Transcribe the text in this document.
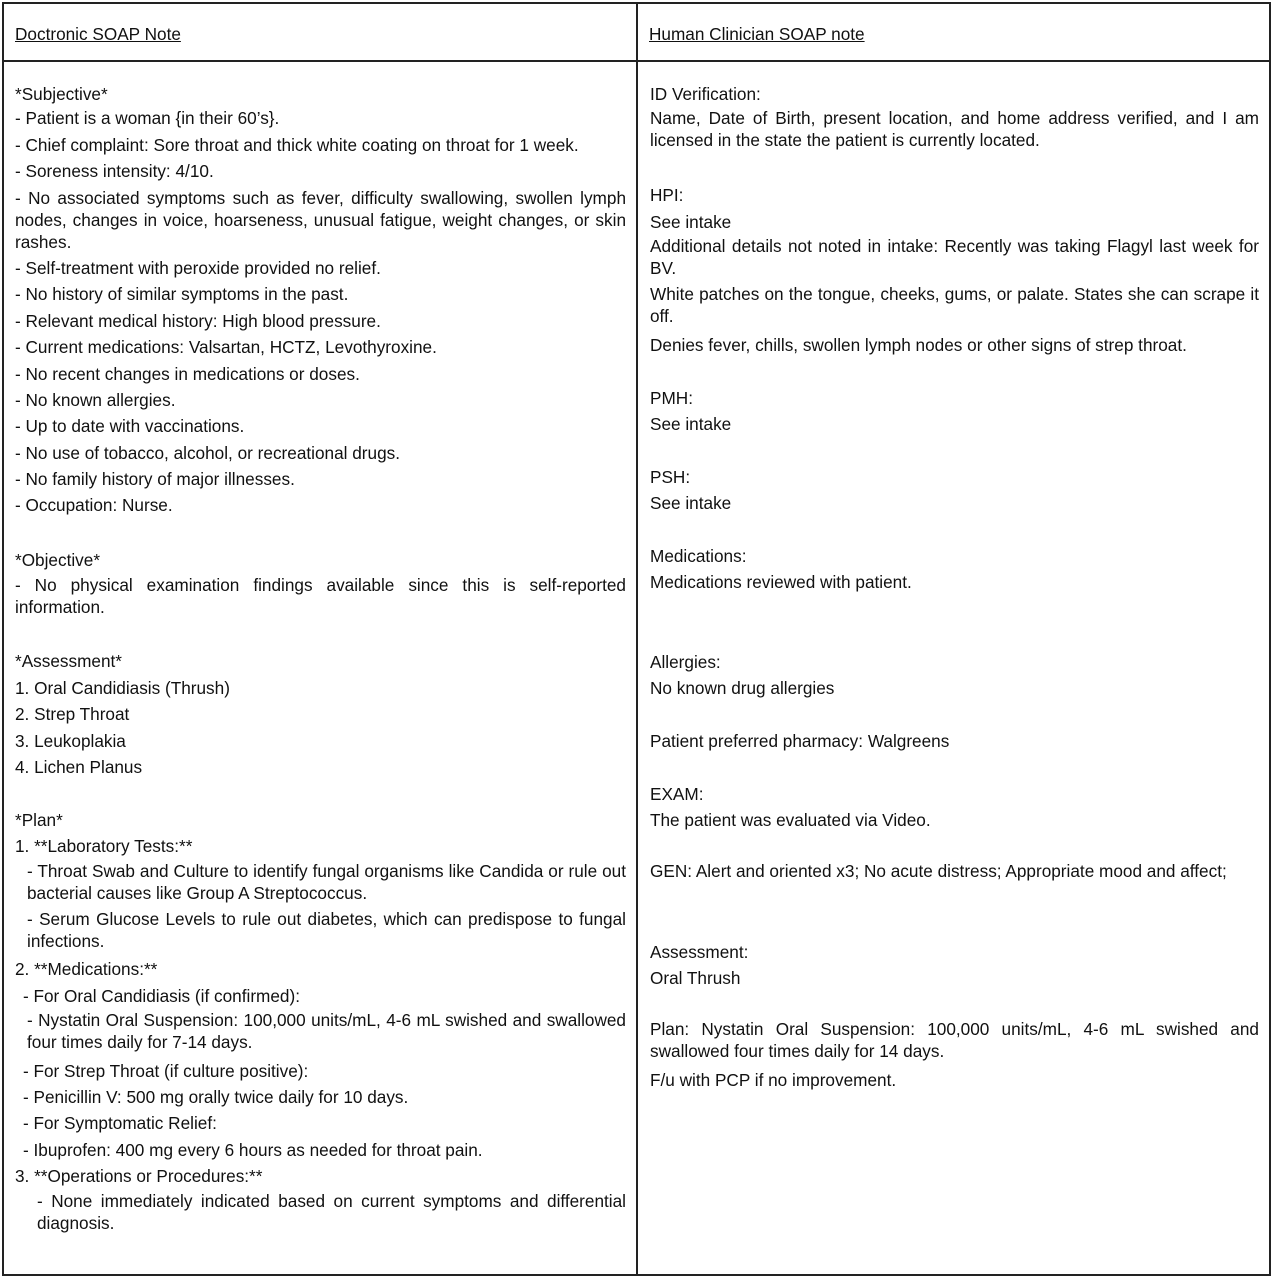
Doctronic SOAP Note	Human Clinician SOAP note
*Subjective*
- Patient is a woman {in their 60’s}.
- Chief complaint: Sore throat and thick white coating on throat for 1 week.
- Soreness intensity: 4/10.
- No associated symptoms such as fever, difficulty swallowing, swollen lymph nodes, changes in voice, hoarseness, unusual fatigue, weight changes, or skin rashes.
- Self-treatment with peroxide provided no relief.
- No history of similar symptoms in the past.
- Relevant medical history: High blood pressure.
- Current medications: Valsartan, HCTZ, Levothyroxine.
- No recent changes in medications or doses.
- No known allergies.
- Up to date with vaccinations.
- No use of tobacco, alcohol, or recreational drugs.
- No family history of major illnesses.
- Occupation: Nurse.
*Objective*
- No physical examination findings available since this is self-reported information.
*Assessment*
1. Oral Candidiasis (Thrush)
2. Strep Throat
3. Leukoplakia
4. Lichen Planus
*Plan*
1. **Laboratory Tests:**
- Throat Swab and Culture to identify fungal organisms like Candida or rule out bacterial causes like Group A Streptococcus.
- Serum Glucose Levels to rule out diabetes, which can predispose to fungal infections.
2. **Medications:**
- For Oral Candidiasis (if confirmed):
- Nystatin Oral Suspension: 100,000 units/mL, 4-6 mL swished and swallowed four times daily for 7-14 days.
- For Strep Throat (if culture positive):
- Penicillin V: 500 mg orally twice daily for 10 days.
- For Symptomatic Relief:
- Ibuprofen: 400 mg every 6 hours as needed for throat pain.
3. **Operations or Procedures:**
- None immediately indicated based on current symptoms and differential diagnosis.
ID Verification:
Name, Date of Birth, present location, and home address verified, and I am licensed in the state the patient is currently located.
HPI:
See intake
Additional details not noted in intake: Recently was taking Flagyl last week for BV.
White patches on the tongue, cheeks, gums, or palate. States she can scrape it off.
Denies fever, chills, swollen lymph nodes or other signs of strep throat.
PMH:
See intake
PSH:
See intake
Medications:
Medications reviewed with patient.
Allergies:
No known drug allergies
Patient preferred pharmacy: Walgreens
EXAM:
The patient was evaluated via Video.
GEN: Alert and oriented x3; No acute distress; Appropriate mood and affect;
Assessment:
Oral Thrush
Plan: Nystatin Oral Suspension: 100,000 units/mL, 4-6 mL swished and swallowed four times daily for 14 days.
F/u with PCP if no improvement.
